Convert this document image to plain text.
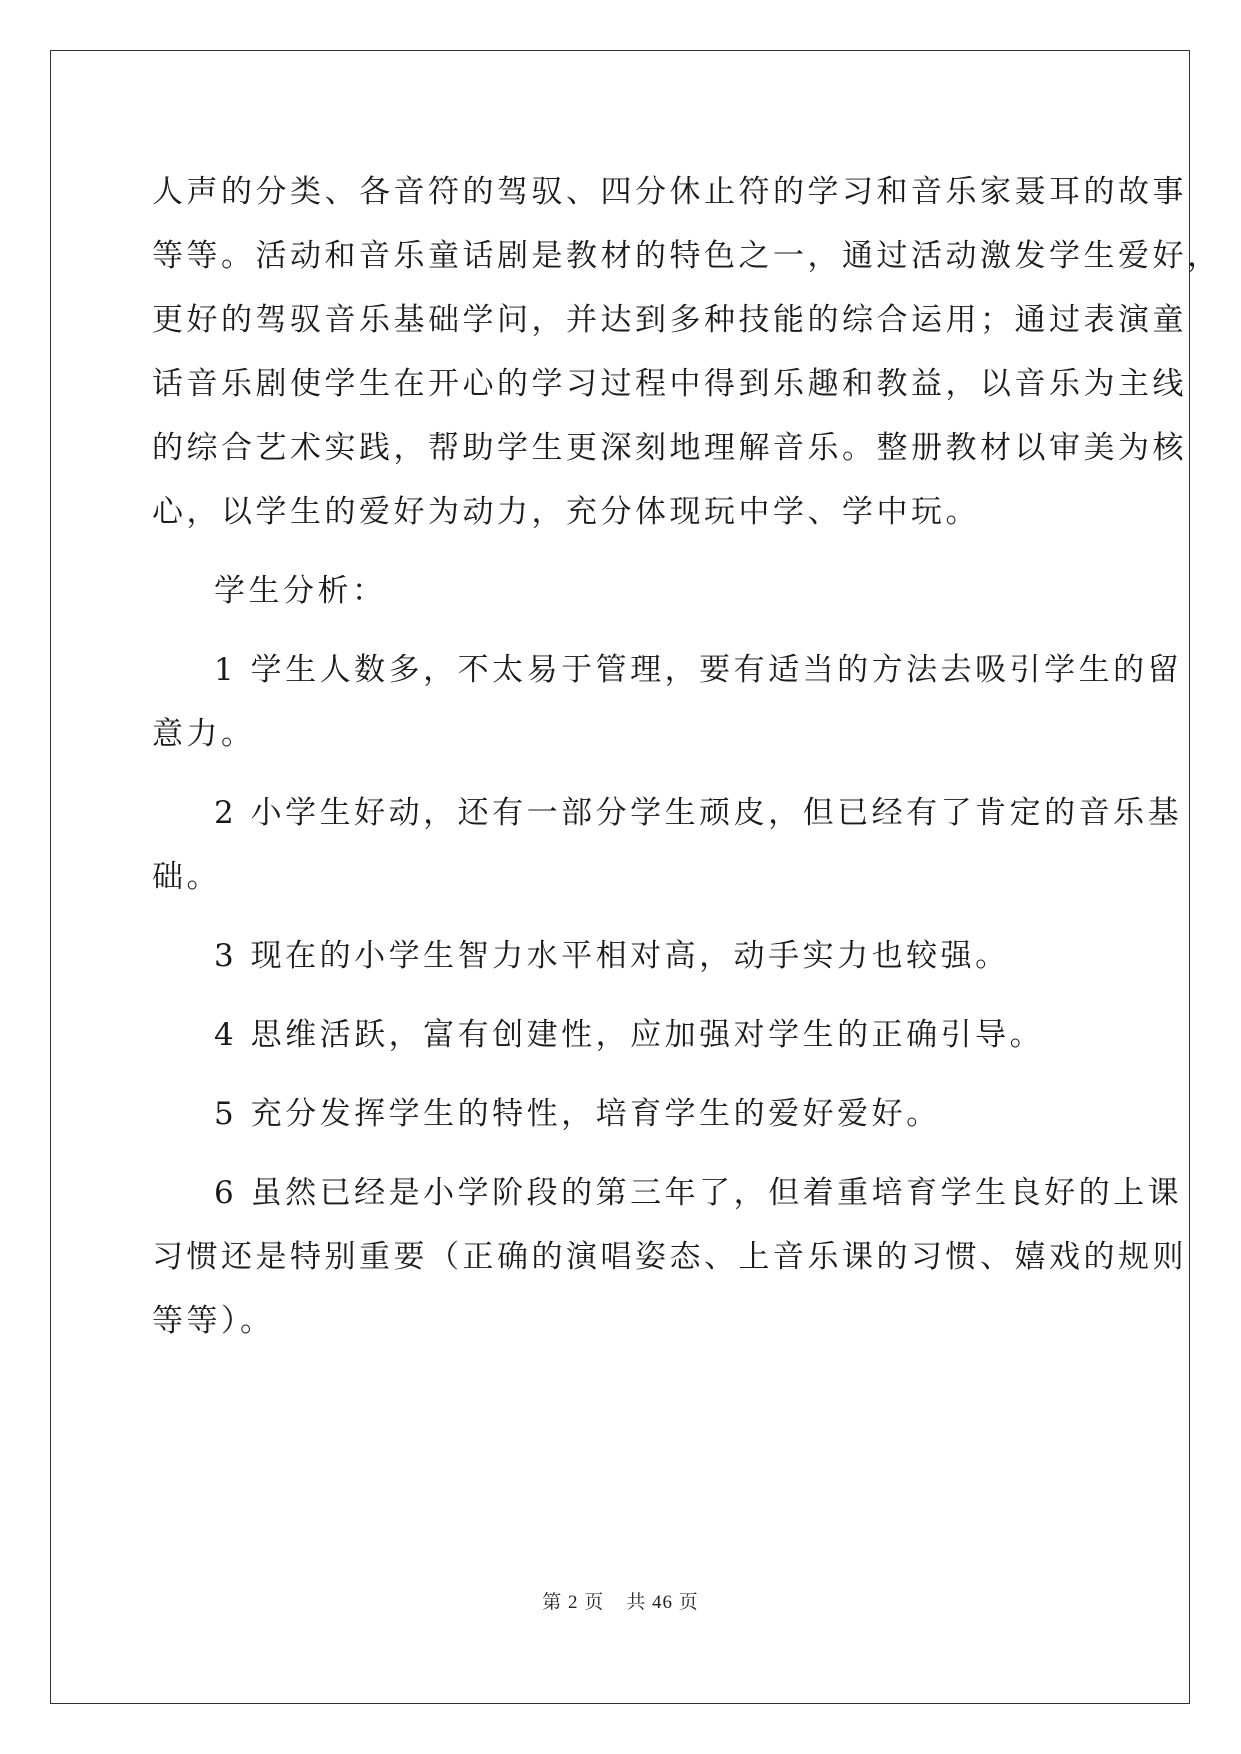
人声的分类、各音符的驾驭、四分休止符的学习和音乐家聂耳的故事
等等。活动和音乐童话剧是教材的特色之一，通过活动激发学生爱好，
更好的驾驭音乐基础学问，并达到多种技能的综合运用；通过表演童
话音乐剧使学生在开心的学习过程中得到乐趣和教益，以音乐为主线
的综合艺术实践，帮助学生更深刻地理解音乐。整册教材以审美为核
心，以学生的爱好为动力，充分体现玩中学、学中玩。
学生分析：
1 学生人数多，不太易于管理，要有适当的方法去吸引学生的留
意力。
2 小学生好动，还有一部分学生顽皮，但已经有了肯定的音乐基
础。
3 现在的小学生智力水平相对高，动手实力也较强。
4 思维活跃，富有创建性，应加强对学生的正确引导。
5 充分发挥学生的特性，培育学生的爱好爱好。
6 虽然已经是小学阶段的第三年了，但着重培育学生良好的上课
习惯还是特别重要（正确的演唱姿态、上音乐课的习惯、嬉戏的规则
等等）。
第 2 页 共 46 页
